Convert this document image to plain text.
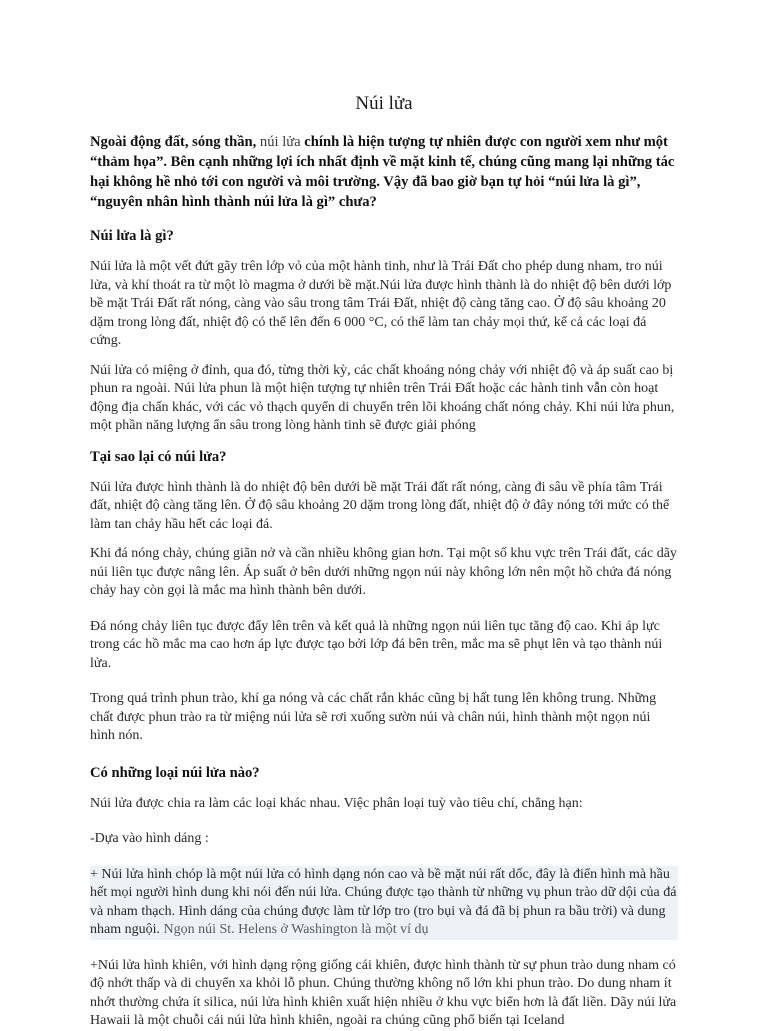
Núi lửa

Ngoài động đất, sóng thần, núi lửa chính là hiện tượng tự nhiên được con người xem như một “thảm họa”. Bên cạnh những lợi ích nhất định về mặt kinh tế, chúng cũng mang lại những tác hại không hề nhỏ tới con người và môi trường. Vậy đã bao giờ bạn tự hỏi “núi lửa là gì”, “nguyên nhân hình thành núi lửa là gì” chưa?

Núi lửa là gì?

Núi lửa là một vết đứt gãy trên lớp vỏ của một hành tinh, như là Trái Đất cho phép dung nham, tro núi lửa, và khí thoát ra từ một lò magma ở dưới bề mặt.Núi lửa được hình thành là do nhiệt độ bên dưới lớp bề mặt Trái Đất rất nóng, càng vào sâu trong tâm Trái Đất, nhiệt độ càng tăng cao. Ở độ sâu khoảng 20 dặm trong lòng đất, nhiệt độ có thể lên đến 6 000 °C, có thể làm tan chảy mọi thứ, kể cả các loại đá cứng.

Núi lửa có miệng ở đỉnh, qua đó, từng thời kỳ, các chất khoáng nóng chảy với nhiệt độ và áp suất cao bị phun ra ngoài. Núi lửa phun là một hiện tượng tự nhiên trên Trái Đất hoặc các hành tinh vẫn còn hoạt động địa chấn khác, với các vỏ thạch quyển di chuyển trên lõi khoáng chất nóng chảy. Khi núi lửa phun, một phần năng lượng ẩn sâu trong lòng hành tinh sẽ được giải phóng

Tại sao lại có núi lửa?

Núi lửa được hình thành là do nhiệt độ bên dưới bề mặt Trái đất rất nóng, càng đi sâu về phía tâm Trái đất, nhiệt độ càng tăng lên. Ở độ sâu khoảng 20 dặm trong lòng đất, nhiệt độ ở đây nóng tới mức có thể làm tan chảy hầu hết các loại đá.

Khi đá nóng chảy, chúng giãn nở và cần nhiều không gian hơn. Tại một số khu vực trên Trái đất, các dãy núi liên tục được nâng lên. Áp suất ở bên dưới những ngọn núi này không lớn nên một hồ chứa đá nóng chảy hay còn gọi là mắc ma hình thành bên dưới.

Đá nóng chảy liên tục được đẩy lên trên và kết quả là những ngọn núi liên tục tăng độ cao. Khi áp lực trong các hồ mắc ma cao hơn áp lực được tạo bởi lớp đá bên trên, mắc ma sẽ phụt lên và tạo thành núi lửa.

Trong quá trình phun trào, khí ga nóng và các chất rắn khác cũng bị hất tung lên không trung. Những chất được phun trào ra từ miệng núi lửa sẽ rơi xuống sườn núi và chân núi, hình thành một ngọn núi hình nón.

Có những loại núi lửa nào?

Núi lửa được chia ra làm các loại khác nhau. Việc phân loại tuỳ vào tiêu chí, chẳng hạn:

-Dựa vào hình dáng :

+ Núi lửa hình chóp là một núi lửa có hình dạng nón cao và bề mặt núi rất dốc, đây là điển hình mà hầu hết mọi người hình dung khi nói đến núi lửa. Chúng được tạo thành từ những vụ phun trào dữ dội của đá và nham thạch. Hình dáng của chúng được làm từ lớp tro (tro bụi và đá đã bị phun ra bầu trời) và dung nham nguội. Ngọn núi St. Helens ở Washington là một ví dụ

+Núi lửa hình khiên, với hình dạng rộng giống cái khiên, được hình thành từ sự phun trào dung nham có độ nhớt thấp và di chuyển xa khỏi lỗ phun. Chúng thường không nổ lớn khi phun trào. Do dung nham ít nhớt thường chứa ít silica, núi lửa hình khiên xuất hiện nhiều ở khu vực biển hơn là đất liền. Dãy núi lửa Hawaii là một chuỗi cái núi lửa hình khiên, ngoài ra chúng cũng phổ biến tại Iceland
